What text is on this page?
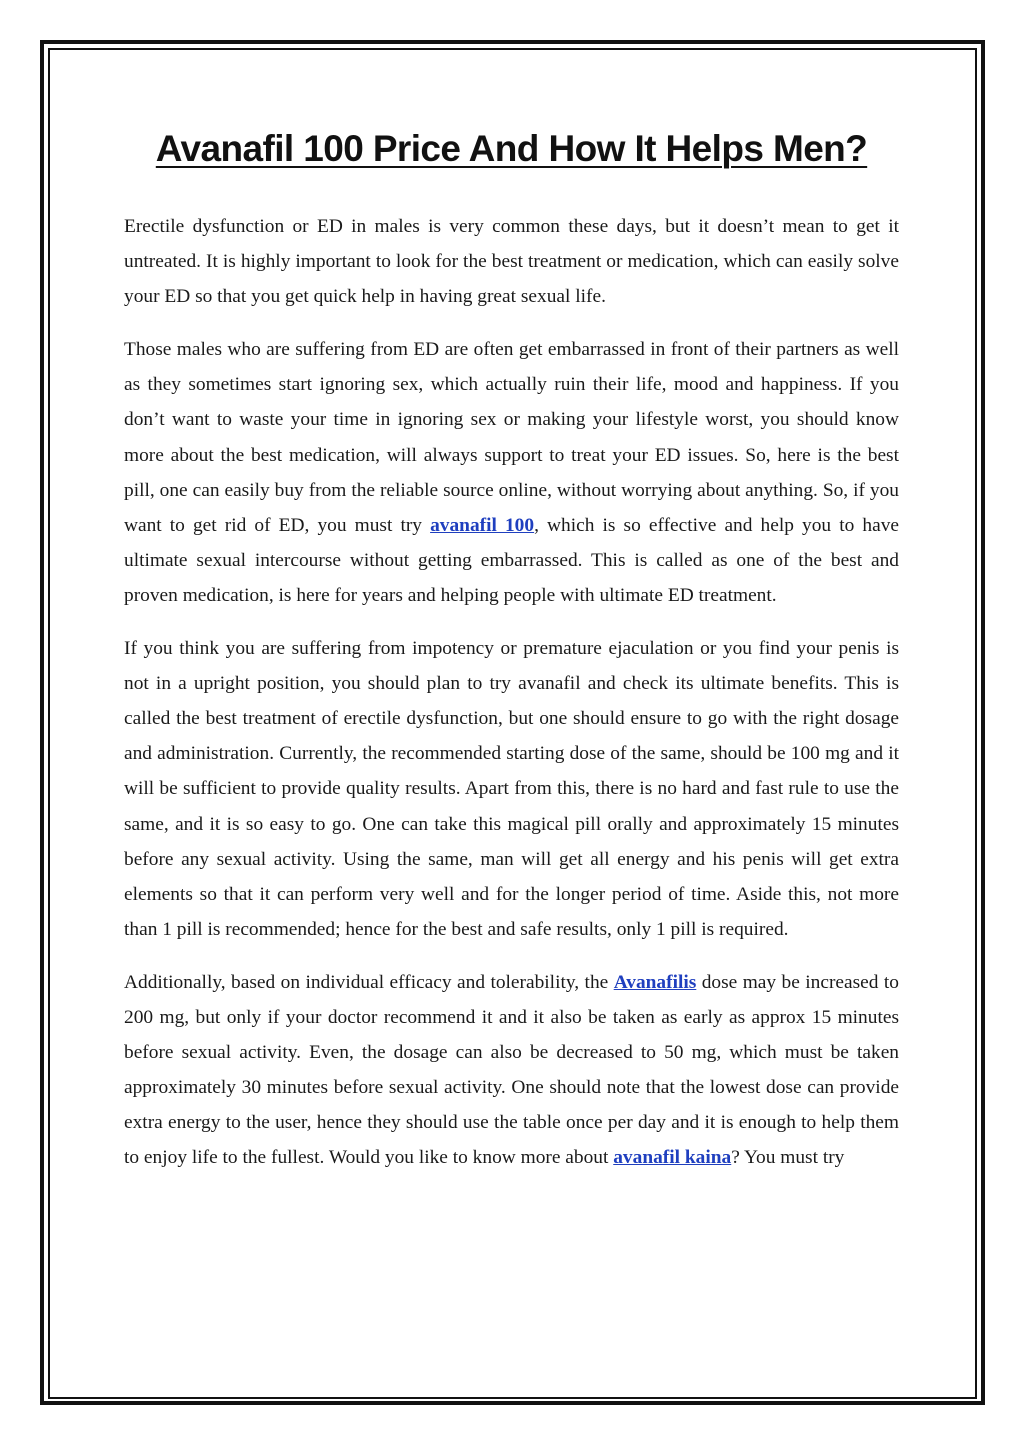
Avanafil 100 Price And How It Helps Men?

Erectile dysfunction or ED in males is very common these days, but it doesn’t mean to get it untreated. It is highly important to look for the best treatment or medication, which can easily solve your ED so that you get quick help in having great sexual life.

Those males who are suffering from ED are often get embarrassed in front of their partners as well as they sometimes start ignoring sex, which actually ruin their life, mood and happiness. If you don’t want to waste your time in ignoring sex or making your lifestyle worst, you should know more about the best medication, will always support to treat your ED issues. So, here is the best pill, one can easily buy from the reliable source online, without worrying about anything. So, if you want to get rid of ED, you must try avanafil 100, which is so effective and help you to have ultimate sexual intercourse without getting embarrassed. This is called as one of the best and proven medication, is here for years and helping people with ultimate ED treatment.

If you think you are suffering from impotency or premature ejaculation or you find your penis is not in a upright position, you should plan to try avanafil and check its ultimate benefits. This is called the best treatment of erectile dysfunction, but one should ensure to go with the right dosage and administration. Currently, the recommended starting dose of the same, should be 100 mg and it will be sufficient to provide quality results. Apart from this, there is no hard and fast rule to use the same, and it is so easy to go. One can take this magical pill orally and approximately 15 minutes before any sexual activity. Using the same, man will get all energy and his penis will get extra elements so that it can perform very well and for the longer period of time. Aside this, not more than 1 pill is recommended; hence for the best and safe results, only 1 pill is required.

Additionally, based on individual efficacy and tolerability, the Avanafilis dose may be increased to 200 mg, but only if your doctor recommend it and it also be taken as early as approx 15 minutes before sexual activity. Even, the dosage can also be decreased to 50 mg, which must be taken approximately 30 minutes before sexual activity. One should note that the lowest dose can provide extra energy to the user, hence they should use the table once per day and it is enough to help them to enjoy life to the fullest. Would you like to know more about avanafil kaina? You must try
